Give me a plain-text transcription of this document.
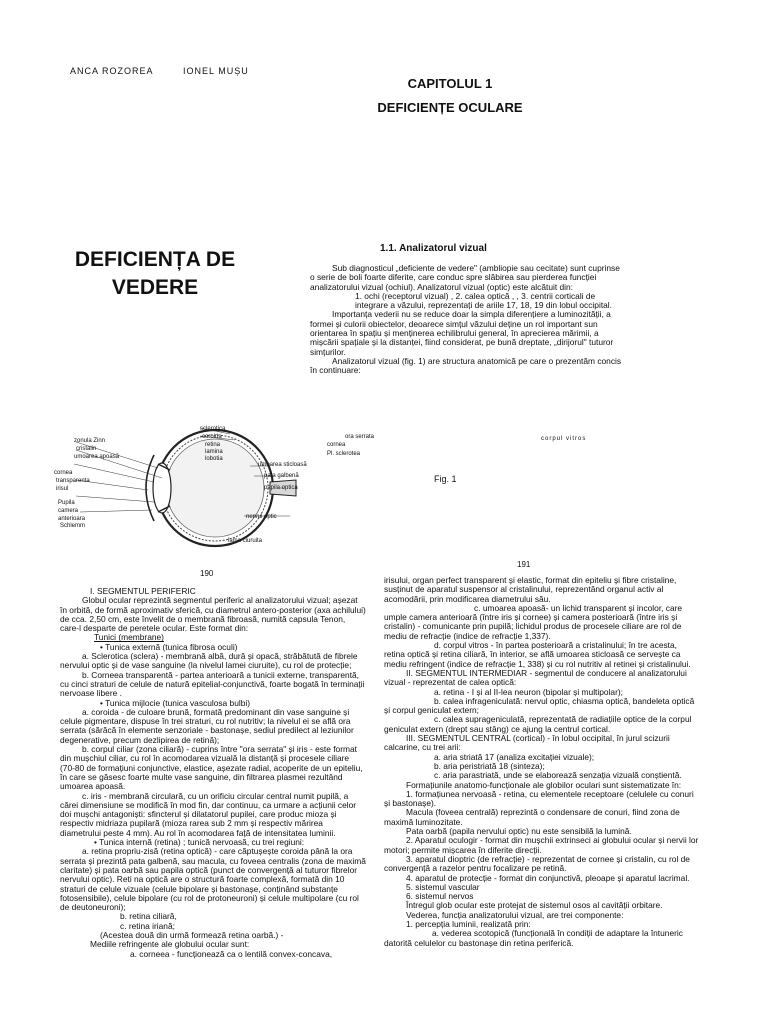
ANCA ROZOREA	IONEL MUȘU
CAPITOLUL 1
DEFICIENȚE OCULARE
DEFICIENȚA DE
VEDERE
1.1. Analizatorul vizual

Sub diagnosticul „deficiente de vedere" (ambliopie sau cecitate) sunt cuprinse o serie de boli foarte diferite, care conduc spre slăbirea sau pierderea funcției analizatorului vizual (ochiul). Analizatorul vizual (optic) este alcătuit din:

1. ochi (receptorul vizual) , 2. calea optică , , 3. centrii corticali de integrare a văzului, reprezentați de ariile 17, 18, 19 din lobul occipital.

Importanța vederii nu se reduce doar la simpla diferențiere a luminozității, a formei și culorii obiectelor, deoarece simțul văzului deține un rol important sun orientarea în spațiu și menținerea echilibrului general, în aprecierea mărimii, a mișcării spațiale și la distanței, fiind considerat, pe bună dreptate, „dirijorul" tuturor simțurilor.

Analizatorul vizual (fig. 1) are structura anatomică pe care o prezentăm concis în continuare:

sclerotica
coroida
retina
lamina
lobotia
zonula Zinn
cristalin
umoarea apoasă
cornea
transparenta
irisul
Pupila
camera
anterioara
Schlemm
umoarea sticloasă
pata galbenă
papila optica
nervul optic
lama ciuruita
ora serrata
cornea
Pl. sclerotea
corpul vitros
Fig. 1
190
191

I. SEGMENTUL PERIFERIC

Globul ocular reprezintă segmentul periferic al analizatorului vizual; așezat în orbită, de formă aproximativ sferică, cu diametrul antero-posterior (axa achilului) de cca. 2,50 cm, este învelit de o membrană fibroasă, numită capsula Tenon, care-l desparte de peretele ocular. Este format din:

Tunici (membrane)

• Tunica externă (tunica fibrosa oculi)

a. Sclerotica (sclera) - membrană albă, dură și opacă, străbătută de fibrele nervului optic și de vase sanguine (la nivelul lamei ciuruite), cu rol de protecție;

b. Corneea transparentă - partea anterioară a tunicii externe, transparentă, cu cinci straturi de celule de natură epitelial-conjunctivă, foarte bogată în terminații nervoase libere .

• Tunica mijlocie (tunica vasculosa bulbi)

a. coroida - de culoare brună, formată predominant din vase sanguine și celule pigmentare, dispuse în trei straturi, cu rol nutritiv; la nivelul ei se află ora serrata (sărăcă în elemente senzoriale - bastonașe, sediul predilect al leziunilor degenerative, precum dezlipirea de retină);

b. corpul ciliar (zona ciliară) - cuprins între "ora serrata" și iris - este format din mușchiul ciliar, cu rol în acomodarea vizuală la distanță și procesele ciliare (70-80 de formațiuni conjunctive, elastice, așezate radial, acoperite de un epiteliu, în care se găsesc foarte multe vase sanguine, din filtrarea plasmei rezultând umoarea apoasă.

c. iris - membrană circulară, cu un orificiu circular central numit pupilă, a cărei dimensiune se modifică în mod fin, dar continuu, ca urmare a acțiunii celor doi mușchi antagoniști: sfincterul și dilatatorul pupilei, care produc mioza și respectiv midriaza pupilară (mioza rarea sub 2 mm și respectiv mărirea diametrului peste 4 mm). Au rol în acomodarea față de intensitatea luminii.

• Tunica internă (retina) ; tunică nervoasă, cu trei regiuni:

a. retina propriu-zisă (retina optică) - care căptușește coroida până la ora serrata și prezintă pata galbenă, sau macula, cu foveea centralis (zona de maximă claritate) și pata oarbă sau papila optică (punct de convergență al tuturor fibrelor nervului optic). Reti na optică are o structură foarte complexă, formată din 10 straturi de celule vizuale (celule bipolare și bastonașe, conținând substanțe fotosensibile), celule bipolare (cu rol de protoneuroni) și celule multipolare (cu rol de deutoneuroni);

b. retina ciliară,

c. retina iriană;

(Acestea două din urmă formează retina oarbă.) -

Mediile refringente ale globului ocular sunt:

a. corneea - funcționează ca o lentilă convex-concava,

irisului, organ perfect transparent și elastic, format din epiteliu și fibre cristaline, susținut de aparatul suspensor al cristalinului, reprezentând organul activ al acomodării, prin modificarea diametrului său.

c. umoarea apoasă- un lichid transparent și incolor, care umple camera anterioară (între iris și cornee) și camera posterioară (între iris și cristalin) - comunicante prin pupilă; lichidul produs de procesele ciliare are rol de mediu de refracție (indice de refracție 1,337).

d. corpul vitros - în partea posterioară a cristalinului; în tre acesta, retina optică și retina ciliară, în interior, se află umoarea sticloasă ce servește ca mediu refringent (indice de refracție 1, 338) și cu rol nutritiv al retinei și cristalinului.

II. SEGMENTUL INTERMEDIAR - segmentul de conducere al analizatorului vizual - reprezentat de calea optică:

a. retina - I și al II-lea neuron (bipolar și multipolar);

b. calea infrageniculată: nervul optic, chiasma optică, bandeleta optică și corpul geniculat extern;

c. calea suprageniculată, reprezentată de radiațiile optice de la corpul geniculat extern (drept sau stâng) ce ajung la centrul cortical.

III. SEGMENTUL CENTRAL (cortical) - în lobul occipital, în jurul scizurii calcarine, cu trei arii:

a. aria striată 17 (analiza excitației vizuale);

b. aria peristriată 18 (sinteza);

c. aria parastriată, unde se elaborează senzația vizuală conștientă.

Formațiunile anatomo-funcționale ale globilor oculari sunt sistematizate în:

1. formațiunea nervoasă - retina, cu elementele receptoare (celulele cu conuri și bastonașe).

Macula (foveea centrală) reprezintă o condensare de conuri, fiind zona de maximă luminozitate.

Pata oarbă (papila nervului optic) nu este sensibilă la lumină.

2. Aparatul oculogir - format din mușchii extrinseci ai globului ocular și nervii lor motori; permite mișcarea în diferite direcții.

3. aparatul dioptric (de refracție) - reprezentat de cornee și cristalin, cu rol de convergență a razelor pentru focalizare pe retină.

4. aparatul de protecție - format din conjunctivă, pleoape și aparatul lacrimal.

5. sistemul vascular

6. sistemul nervos

Întregul glob ocular este protejat de sistemul osos al cavității orbitare.

Vederea, funcția analizatorului vizual, are trei componente:

1. percepția luminii, realizată prin:

a. vederea scotopică (funcțională în condiții de adaptare la întuneric datorită celulelor cu bastonașe din retina periferică.
